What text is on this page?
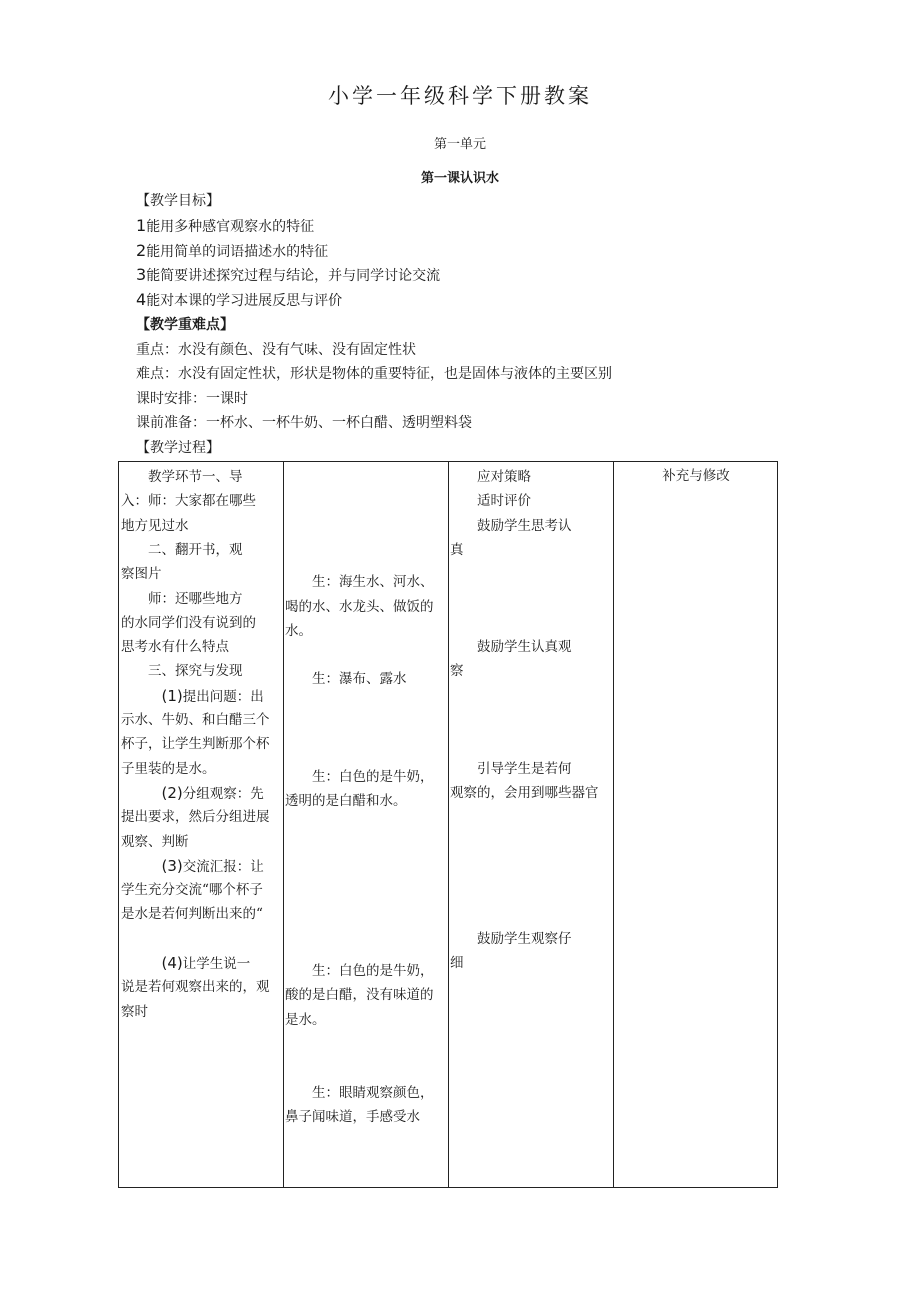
小学一年级科学下册教案
第一单元
第一课认识水
【教学目标】
1能用多种感官观察水的特征
2能用简单的词语描述水的特征
3能简要讲述探究过程与结论，并与同学讨论交流
4能对本课的学习进展反思与评价
【教学重难点】
重点：水没有颜色、没有气味、没有固定性状
难点：水没有固定性状，形状是物体的重要特征，也是固体与液体的主要区别
课时安排：一课时
课前准备：一杯水、一杯牛奶、一杯白醋、透明塑料袋
【教学过程】
补充与修改
　　教学环节一、导
入：师：大家都在哪些
地方见过水
　　二、翻开书，观
察图片
　　师：还哪些地方
的水同学们没有说到的
思考水有什么特点
　　三、探究与发现
　　　(1)提出问题：出
示水、牛奶、和白醋三个
杯子，让学生判断那个杯
子里装的是水。
　　　(2)分组观察：先
提出要求，然后分组进展
观察、判断
　　　(3)交流汇报：让
学生充分交流“哪个杯子
是水是若何判断出来的“
　　　(4)让学生说一
说是若何观察出来的，观
察时
　　生：海生水、河水、
喝的水、水龙头、做饭的
水。
　　生：瀑布、露水
　　生：白色的是牛奶，
透明的是白醋和水。
　　生：白色的是牛奶，
酸的是白醋，没有味道的
是水。
　　生：眼睛观察颜色，
鼻子闻味道，手感受水
　　应对策略
　　适时评价
　　鼓励学生思考认
真
　　鼓励学生认真观
察
　　引导学生是若何
观察的，会用到哪些器官
　　鼓励学生观察仔
细
